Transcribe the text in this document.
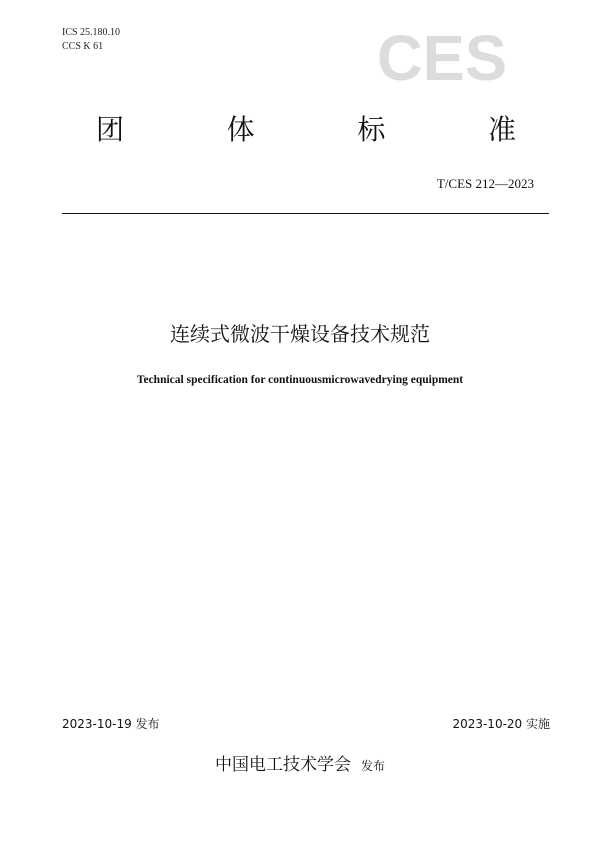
ICS 25.180.10
CCS K 61	CES
团	体	标	准
T/CES 212—2023
连续式微波干燥设备技术规范
Technical specification for continuousmicrowavedrying equipment
2023-10-19 发布	2023-10-20 实施
中国电工技术学会 发布
